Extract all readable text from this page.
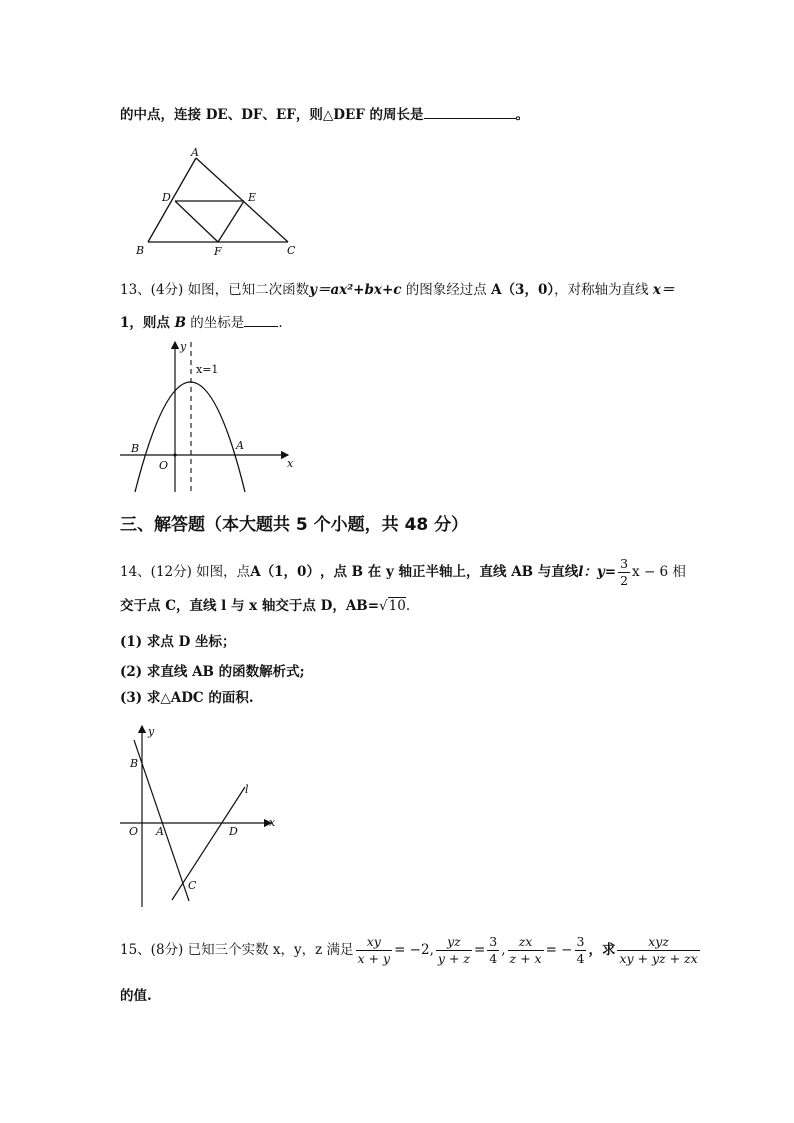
的中点，连接 DE、DF、EF，则△DEF 的周长是	。
A
D	E
B	F	C
13、(4分) 如图，已知二次函数y＝ax²+bx+c 的图象经过点 A（3，0），对称轴为直线 x＝
1，则点 B 的坐标是	.
y
x=1
B	A
O	x
三、解答题（本大题共 5 个小题，共 48 分）
14、(12分) 如图，点 A（1，0） ，点 B 在 y 轴正半轴上，直线 AB 与直线 l：$y= \frac{3}{2}$ x − 6 相
交于点 C，直线 l 与 x 轴交于点 D，AB=√10.
(1) 求点 D 坐标；
(2) 求直线 AB 的函数解析式;
(3) 求△ADC 的面积.
y
B
l
O A	D
x
C
15、(8分) 已知三个实数 x，y，z 满足 $\frac{xy}{x + y} = -2$, $\frac{yz}{y + z} = \frac{3}{4}$ , $\frac{zx}{z + x}$ = − $\frac{3}{4}$ ，求 $\frac{\text{xyz}}{xy + yz + zx}$
的值.
